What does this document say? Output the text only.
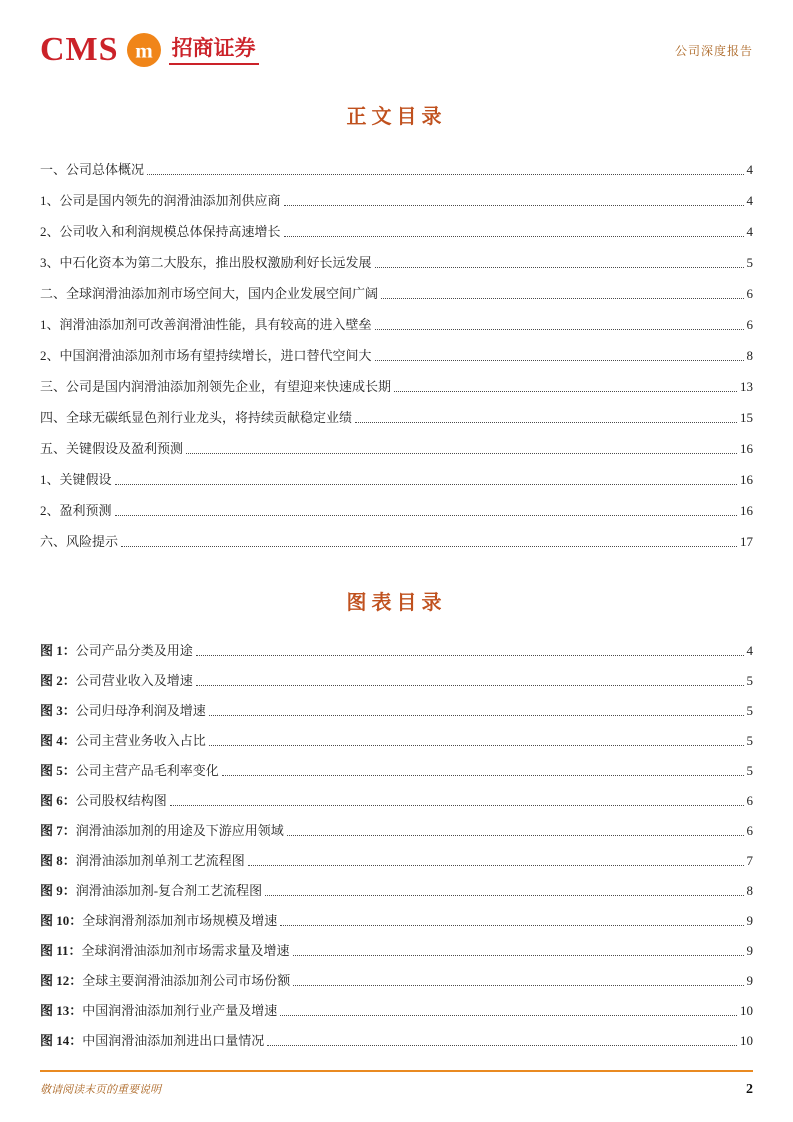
CMS m 招商证券	公司深度报告
正文目录
一、公司总体概况	4
1、公司是国内领先的润滑油添加剂供应商	4
2、公司收入和利润规模总体保持高速增长	4
3、中石化资本为第二大股东，推出股权激励利好长远发展	5
二、全球润滑油添加剂市场空间大，国内企业发展空间广阔	6
1、润滑油添加剂可改善润滑油性能，具有较高的进入壁垒	6
2、中国润滑油添加剂市场有望持续增长，进口替代空间大	8
三、公司是国内润滑油添加剂领先企业，有望迎来快速成长期	13
四、全球无碳纸显色剂行业龙头，将持续贡献稳定业绩	15
五、关键假设及盈利预测	16
1、关键假设	16
2、盈利预测	16
六、风险提示	17
图表目录
图 1：公司产品分类及用途	4
图 2：公司营业收入及增速	5
图 3：公司归母净利润及增速	5
图 4：公司主营业务收入占比	5
图 5：公司主营产品毛利率变化	5
图 6：公司股权结构图	6
图 7：润滑油添加剂的用途及下游应用领域	6
图 8：润滑油添加剂单剂工艺流程图	7
图 9：润滑油添加剂-复合剂工艺流程图	8
图 10：全球润滑剂添加剂市场规模及增速	9
图 11：全球润滑油添加剂市场需求量及增速	9
图 12：全球主要润滑油添加剂公司市场份额	9
图 13：中国润滑油添加剂行业产量及增速	10
图 14：中国润滑油添加剂进出口量情况	10
敬请阅读末页的重要说明	2
